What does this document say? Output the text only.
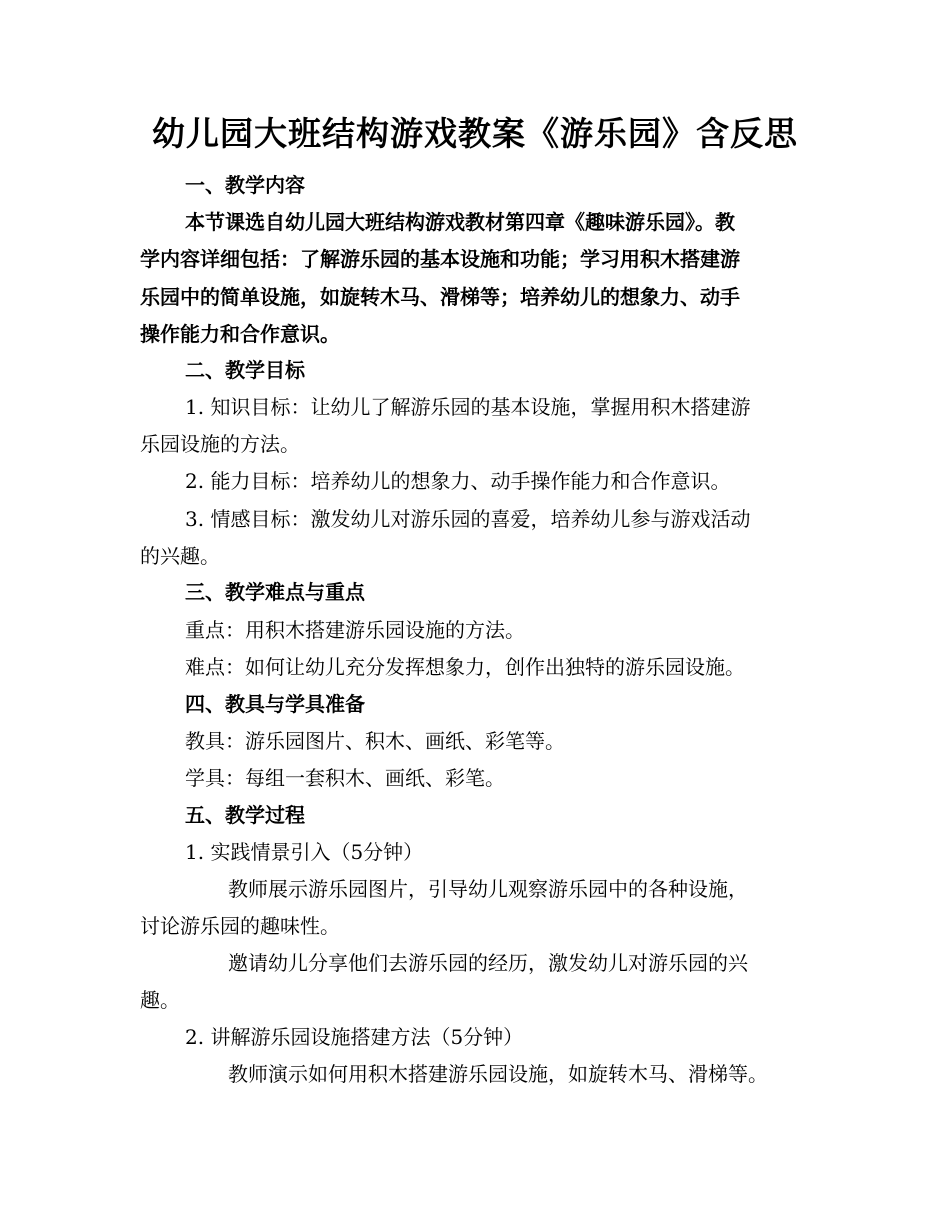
幼儿园大班结构游戏教案《游乐园》含反思
一、教学内容
本节课选自幼儿园大班结构游戏教材第四章《趣味游乐园》。教
学内容详细包括：了解游乐园的基本设施和功能；学习用积木搭建游
乐园中的简单设施，如旋转木马、滑梯等；培养幼儿的想象力、动手
操作能力和合作意识。
二、教学目标
1. 知识目标：让幼儿了解游乐园的基本设施，掌握用积木搭建游
乐园设施的方法。
2. 能力目标：培养幼儿的想象力、动手操作能力和合作意识。
3. 情感目标：激发幼儿对游乐园的喜爱，培养幼儿参与游戏活动
的兴趣。
三、教学难点与重点
重点：用积木搭建游乐园设施的方法。
难点：如何让幼儿充分发挥想象力，创作出独特的游乐园设施。
四、教具与学具准备
教具：游乐园图片、积木、画纸、彩笔等。
学具：每组一套积木、画纸、彩笔。
五、教学过程
1. 实践情景引入（5分钟）
教师展示游乐园图片，引导幼儿观察游乐园中的各种设施，
讨论游乐园的趣味性。
邀请幼儿分享他们去游乐园的经历，激发幼儿对游乐园的兴
趣。
2. 讲解游乐园设施搭建方法（5分钟）
教师演示如何用积木搭建游乐园设施，如旋转木马、滑梯等。
